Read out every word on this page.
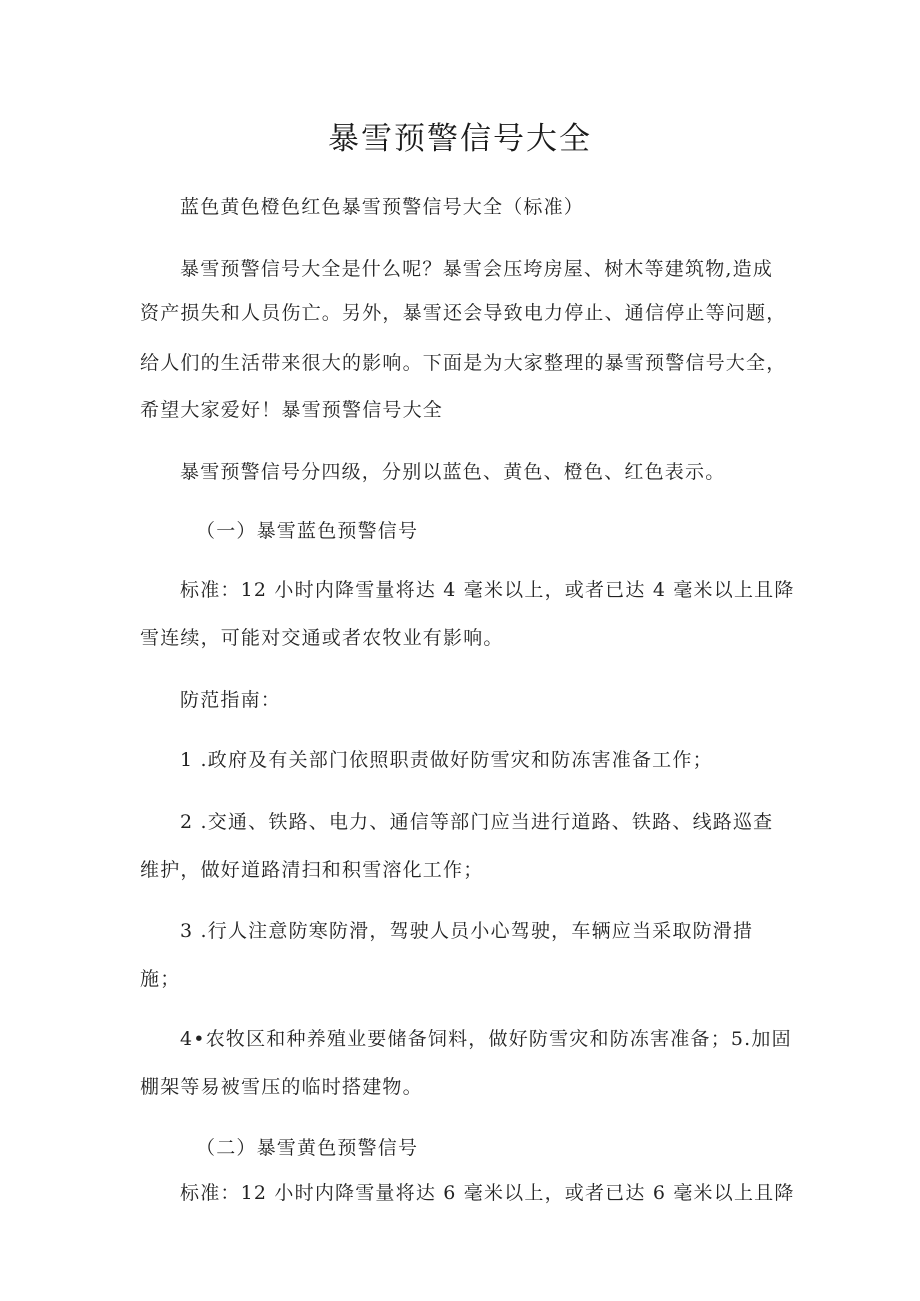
暴雪预警信号大全
蓝色黄色橙色红色暴雪预警信号大全（标准）
暴雪预警信号大全是什么呢？暴雪会压垮房屋、树木等建筑物,造成
资产损失和人员伤亡。另外，暴雪还会导致电力停止、通信停止等问题，
给人们的生活带来很大的影响。下面是为大家整理的暴雪预警信号大全，
希望大家爱好！暴雪预警信号大全
暴雪预警信号分四级，分别以蓝色、黄色、橙色、红色表示。
（一）暴雪蓝色预警信号
标准：12 小时内降雪量将达 4 毫米以上，或者已达 4 毫米以上且降
雪连续，可能对交通或者农牧业有影响。
防范指南：
1 .政府及有关部门依照职责做好防雪灾和防冻害准备工作；
2 .交通、铁路、电力、通信等部门应当进行道路、铁路、线路巡查
维护，做好道路清扫和积雪溶化工作；
3 .行人注意防寒防滑，驾驶人员小心驾驶，车辆应当采取防滑措
施；
4•农牧区和种养殖业要储备饲料，做好防雪灾和防冻害准备；5.加固
棚架等易被雪压的临时搭建物。
（二）暴雪黄色预警信号
标准：12 小时内降雪量将达 6 毫米以上，或者已达 6 毫米以上且降
